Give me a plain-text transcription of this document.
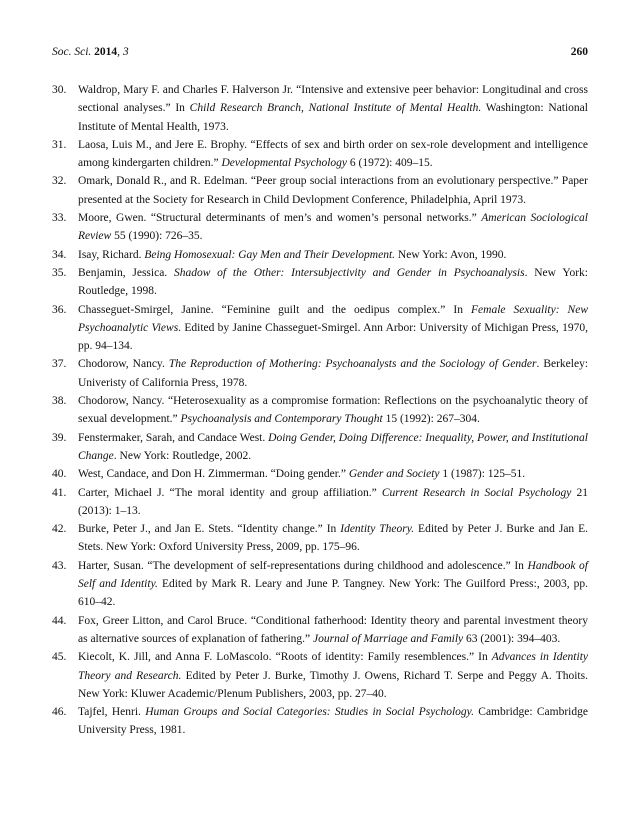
Soc. Sci. 2014, 3	260
30.	Waldrop, Mary F. and Charles F. Halverson Jr. “Intensive and extensive peer behavior: Longitudinal and cross sectional analyses.” In Child Research Branch, National Institute of Mental Health. Washington: National Institute of Mental Health, 1973.
31.	Laosa, Luis M., and Jere E. Brophy. “Effects of sex and birth order on sex-role development and intelligence among kindergarten children.” Developmental Psychology 6 (1972): 409–15.
32.	Omark, Donald R., and R. Edelman. “Peer group social interactions from an evolutionary perspective.” Paper presented at the Society for Research in Child Devlopment Conference, Philadelphia, April 1973.
33.	Moore, Gwen. “Structural determinants of men’s and women’s personal networks.” American Sociological Review 55 (1990): 726–35.
34.	Isay, Richard. Being Homosexual: Gay Men and Their Development. New York: Avon, 1990.
35.	Benjamin, Jessica. Shadow of the Other: Intersubjectivity and Gender in Psychoanalysis. New York: Routledge, 1998.
36.	Chasseguet-Smirgel, Janine. “Feminine guilt and the oedipus complex.” In Female Sexuality: New Psychoanalytic Views. Edited by Janine Chasseguet-Smirgel. Ann Arbor: University of Michigan Press, 1970, pp. 94–134.
37.	Chodorow, Nancy. The Reproduction of Mothering: Psychoanalysts and the Sociology of Gender. Berkeley: Univeristy of California Press, 1978.
38.	Chodorow, Nancy. “Heterosexuality as a compromise formation: Reflections on the psychoanalytic theory of sexual development.” Psychoanalysis and Contemporary Thought 15 (1992): 267–304.
39.	Fenstermaker, Sarah, and Candace West. Doing Gender, Doing Difference: Inequality, Power, and Institutional Change. New York: Routledge, 2002.
40.	West, Candace, and Don H. Zimmerman. “Doing gender.” Gender and Society 1 (1987): 125–51.
41.	Carter, Michael J. “The moral identity and group affiliation.” Current Research in Social Psychology 21 (2013): 1–13.
42.	Burke, Peter J., and Jan E. Stets. “Identity change.” In Identity Theory. Edited by Peter J. Burke and Jan E. Stets. New York: Oxford University Press, 2009, pp. 175–96.
43.	Harter, Susan. “The development of self-representations during childhood and adolescence.” In Handbook of Self and Identity. Edited by Mark R. Leary and June P. Tangney. New York: The Guilford Press:, 2003, pp. 610–42.
44.	Fox, Greer Litton, and Carol Bruce. “Conditional fatherhood: Identity theory and parental investment theory as alternative sources of explanation of fathering.” Journal of Marriage and Family 63 (2001): 394–403.
45.	Kiecolt, K. Jill, and Anna F. LoMascolo. “Roots of identity: Family resemblences.” In Advances in Identity Theory and Research. Edited by Peter J. Burke, Timothy J. Owens, Richard T. Serpe and Peggy A. Thoits. New York: Kluwer Academic/Plenum Publishers, 2003, pp. 27–40.
46.	Tajfel, Henri. Human Groups and Social Categories: Studies in Social Psychology. Cambridge: Cambridge University Press, 1981.
